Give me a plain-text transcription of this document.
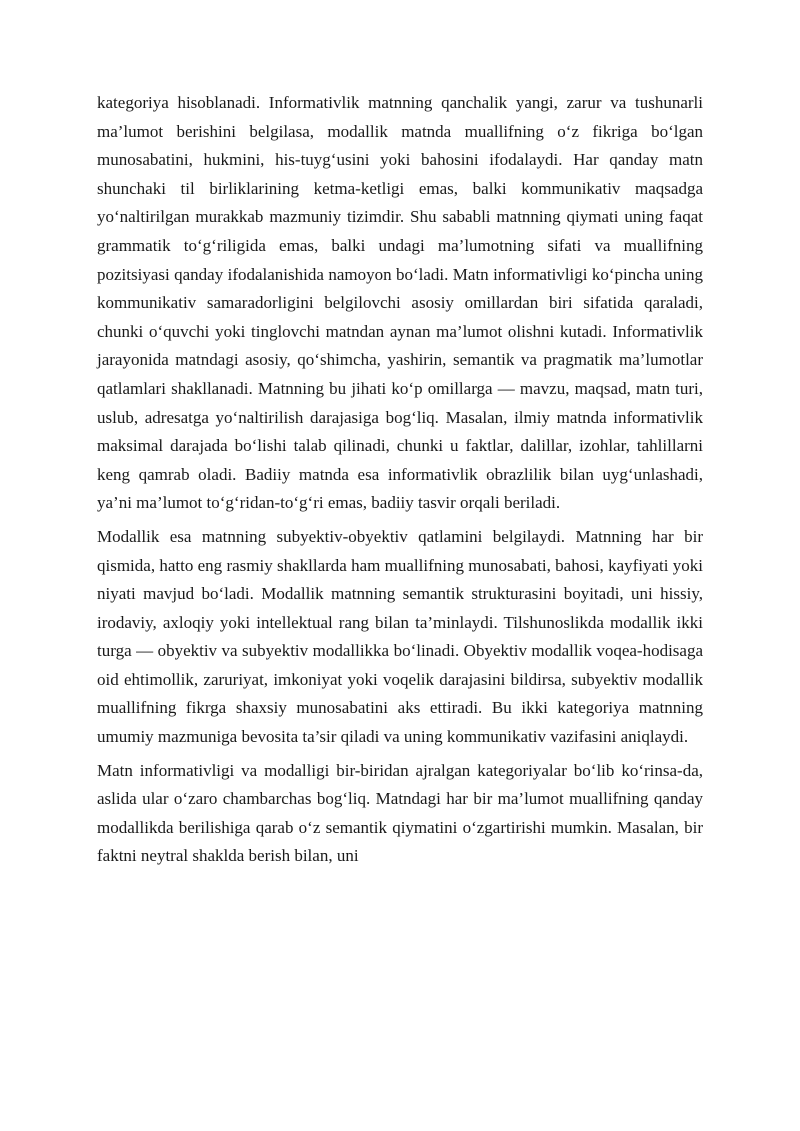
kategoriya hisoblanadi. Informativlik matnning qanchalik yangi, zarur va tushunarli ma’lumot berishini belgilasa, modallik matnda muallifning o‘z fikriga bo‘lgan munosabatini, hukmini, his-tuyg‘usini yoki bahosini ifodalaydi. Har qanday matn shunchaki til birliklarining ketma-ketligi emas, balki kommunikativ maqsadga yo‘naltirilgan murakkab mazmuniy tizimdir. Shu sababli matnning qiymati uning faqat grammatik to‘g‘riligida emas, balki undagi ma’lumotning sifati va muallifning pozitsiyasi qanday ifodalanishida namoyon bo‘ladi. Matn informativligi ko‘pincha uning kommunikativ samaradorligini belgilovchi asosiy omillardan biri sifatida qaraladi, chunki o‘quvchi yoki tinglovchi matndan aynan ma’lumot olishni kutadi. Informativlik jarayonida matndagi asosiy, qo‘shimcha, yashirin, semantik va pragmatik ma’lumotlar qatlamlari shakllanadi. Matnning bu jihati ko‘p omillarga — mavzu, maqsad, matn turi, uslub, adresatga yo‘naltirilish darajasiga bog‘liq. Masalan, ilmiy matnda informativlik maksimal darajada bo‘lishi talab qilinadi, chunki u faktlar, dalillar, izohlar, tahlillarni keng qamrab oladi. Badiiy matnda esa informativlik obrazlilik bilan uyg‘unlashadi, ya’ni ma’lumot to‘g‘ridan-to‘g‘ri emas, badiiy tasvir orqali beriladi.

Modallik esa matnning subyektiv-obyektiv qatlamini belgilaydi. Matnning har bir qismida, hatto eng rasmiy shakllarda ham muallifning munosabati, bahosi, kayfiyati yoki niyati mavjud bo‘ladi. Modallik matnning semantik strukturasini boyitadi, uni hissiy, irodaviy, axloqiy yoki intellektual rang bilan ta’minlaydi. Tilshunoslikda modallik ikki turga — obyektiv va subyektiv modallikka bo‘linadi. Obyektiv modallik voqea-hodisaga oid ehtimollik, zaruriyat, imkoniyat yoki voqelik darajasini bildirsa, subyektiv modallik muallifning fikrga shaxsiy munosabatini aks ettiradi. Bu ikki kategoriya matnning umumiy mazmuniga bevosita ta’sir qiladi va uning kommunikativ vazifasini aniqlaydi.

Matn informativligi va modalligi bir-biridan ajralgan kategoriyalar bo‘lib ko‘rinsa-da, aslida ular o‘zaro chambarchas bog‘liq. Matndagi har bir ma’lumot muallifning qanday modallikda berilishiga qarab o‘z semantik qiymatini o‘zgartirishi mumkin. Masalan, bir faktni neytral shaklda berish bilan, uni
